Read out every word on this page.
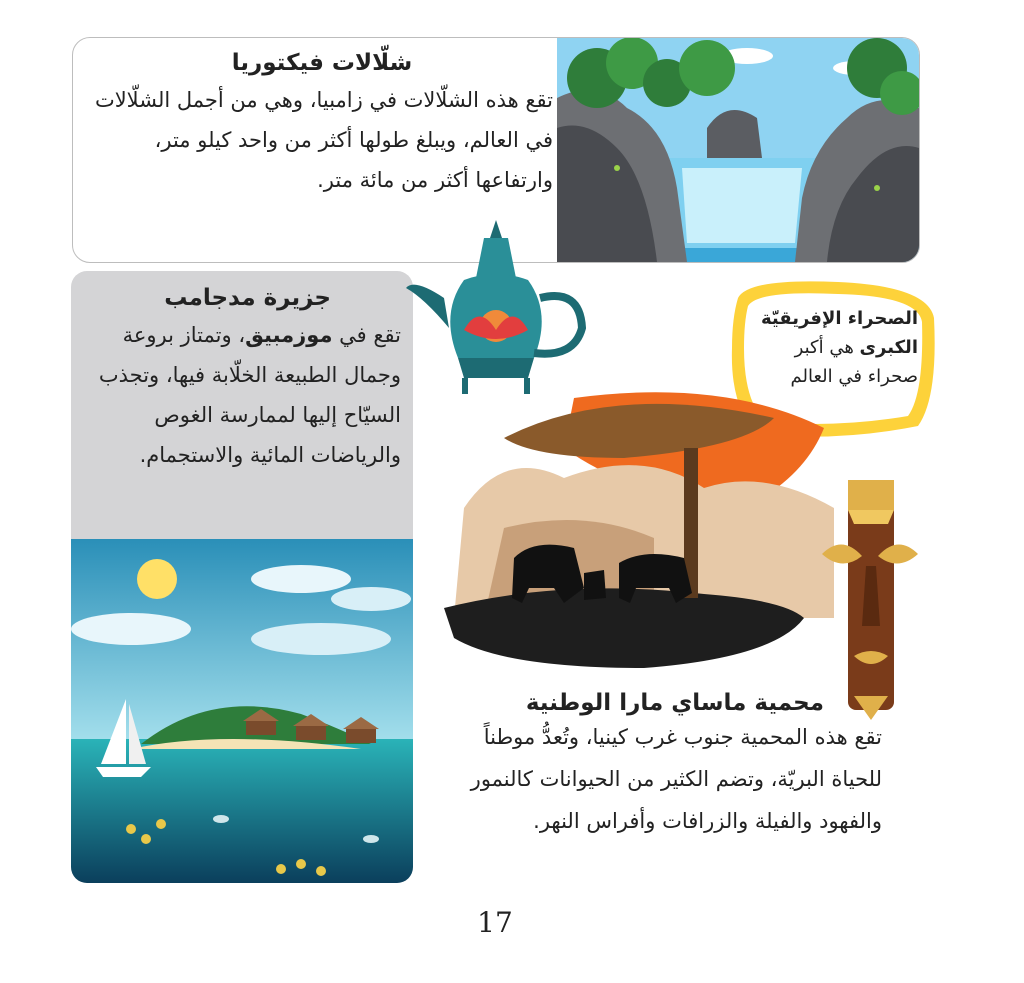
شلّالات فيكتوريا

تقع هذه الشلّالات في زامبيا، وهي من أجمل الشلّالات في العالم، ويبلغ طولها أكثر من واحد كيلو متر، وارتفاعها أكثر من مائة متر.

جزيرة مدجامب

تقع في موزمبيق، وتمتاز بروعة وجمال الطبيعة الخلّابة فيها، وتجذب السيّاح إليها لممارسة الغوص والرياضات المائية والاستجمام.

الصحراء الإفريقيّة الكبرى هي أكبر صحراء في العالم

محمية ماساي مارا الوطنية

تقع هذه المحمية جنوب غرب كينيا، وتُعدُّ موطناً للحياة البريّة، وتضم الكثير من الحيوانات كالنمور والفهود والفيلة والزرافات وأفراس النهر.

17
